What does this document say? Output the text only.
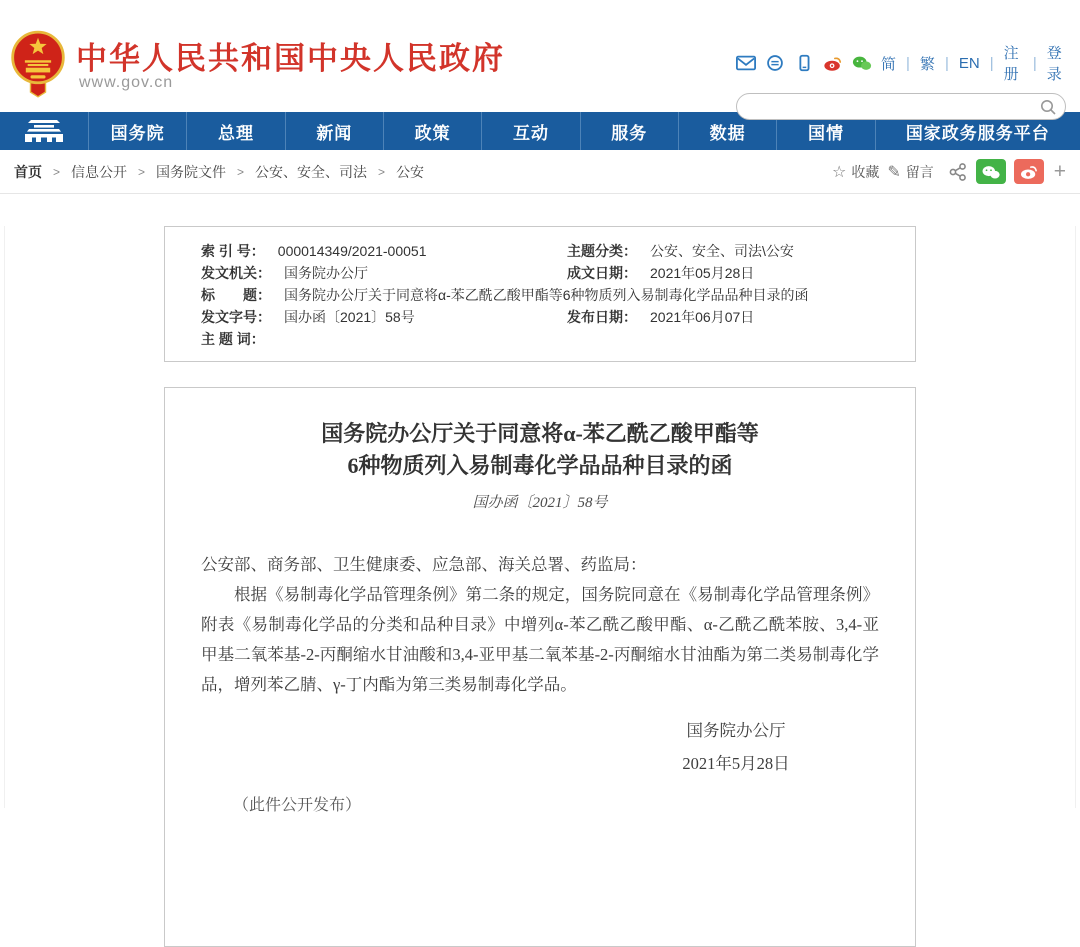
中华人民共和国中央人民政府
www.gov.cn
简 | 繁 | EN |
注册
|
登录
国务院	总理	新闻	政策	互动	服务	数据	国情	国家政务服务平台
首页 > 信息公开 > 国务院文件 > 公安、安全、司法 > 公安	☆ 收藏 ✎ 留言	+
索 引 号： 000014349/2021-00051	主题分类： 公安、安全、司法\公安
发文机关： 国务院办公厅	成文日期： 2021年05月28日
标　　题： 国务院办公厅关于同意将α-苯乙酰乙酸甲酯等6种物质列入易制毒化学品品种目录的函
发文字号： 国办函〔2021〕58号	发布日期： 2021年06月07日
主 题 词：
国务院办公厅关于同意将α-苯乙酰乙酸甲酯等
6种物质列入易制毒化学品品种目录的函
国办函〔2021〕58号

公安部、商务部、卫生健康委、应急部、海关总署、药监局：

根据《易制毒化学品管理条例》第二条的规定，国务院同意在《易制毒化学品管理条例》附表《易制毒化学品的分类和品种目录》中增列α-苯乙酰乙酸甲酯、α-乙酰乙酰苯胺、3,4-亚甲基二氧苯基-2-丙酮缩水甘油酸和3,4-亚甲基二氧苯基-2-丙酮缩水甘油酯为第二类易制毒化学品，增列苯乙腈、γ-丁内酯为第三类易制毒化学品。

国务院办公厅
2021年5月28日
（此件公开发布）
